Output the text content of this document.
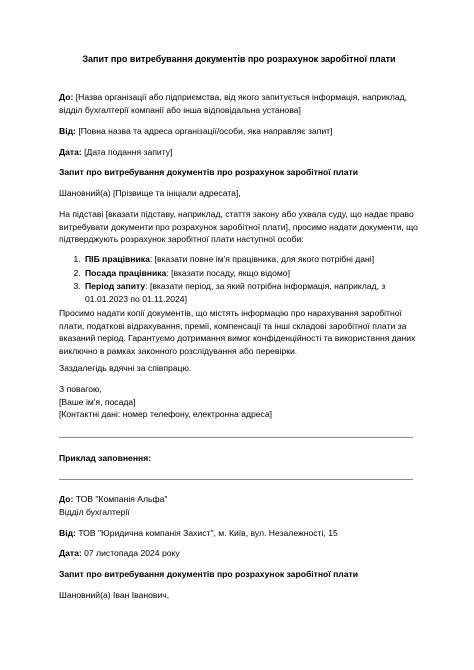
Запит про витребування документів про розрахунок заробітної плати
До: [Назва організації або підприємства, від якого запитується інформація, наприклад, відділ бухгалтерії компанії або інша відповідальна установа]
Від: [Повна назва та адреса організації/особи, яка направляє запит]
Дата: [Дата подання запиту]
Запит про витребування документів про розрахунок заробітної плати
Шановний(а) [Прізвище та ініціали адресата],
На підставі [вказати підставу, наприклад, стаття закону або ухвала суду, що надає право витребувати документи про розрахунок заробітної плати], просимо надати документи, що підтверджують розрахунок заробітної плати наступної особи:
1. ПІБ працівника: [вказати повне ім'я працівника, для якого потрібні дані]
2. Посада працівника: [вказати посаду, якщо відомо]
3. Період запиту: [вказати період, за який потрібна інформація, наприклад, з 01.01.2023 по 01.11.2024]
Просимо надати копії документів, що містять інформацію про нарахування заробітної плати, податкові відрахування, премії, компенсації та інші складові заробітної плати за вказаний період. Гарантуємо дотримання вимог конфіденційності та використання даних виключно в рамках законного розслідування або перевірки.
Заздалегідь вдячні за співпрацю.
З повагою,
[Ваше ім'я, посада]
[Контактні дані: номер телефону, електронна адреса]
Приклад заповнення:
До: ТОВ "Компанія Альфа"
Відділ бухгалтерії
Від: ТОВ "Юридична компанія Захист", м. Київ, вул. Незалежності, 15
Дата: 07 листопада 2024 року
Запит про витребування документів про розрахунок заробітної плати
Шановний(а) Іван Іванович,
